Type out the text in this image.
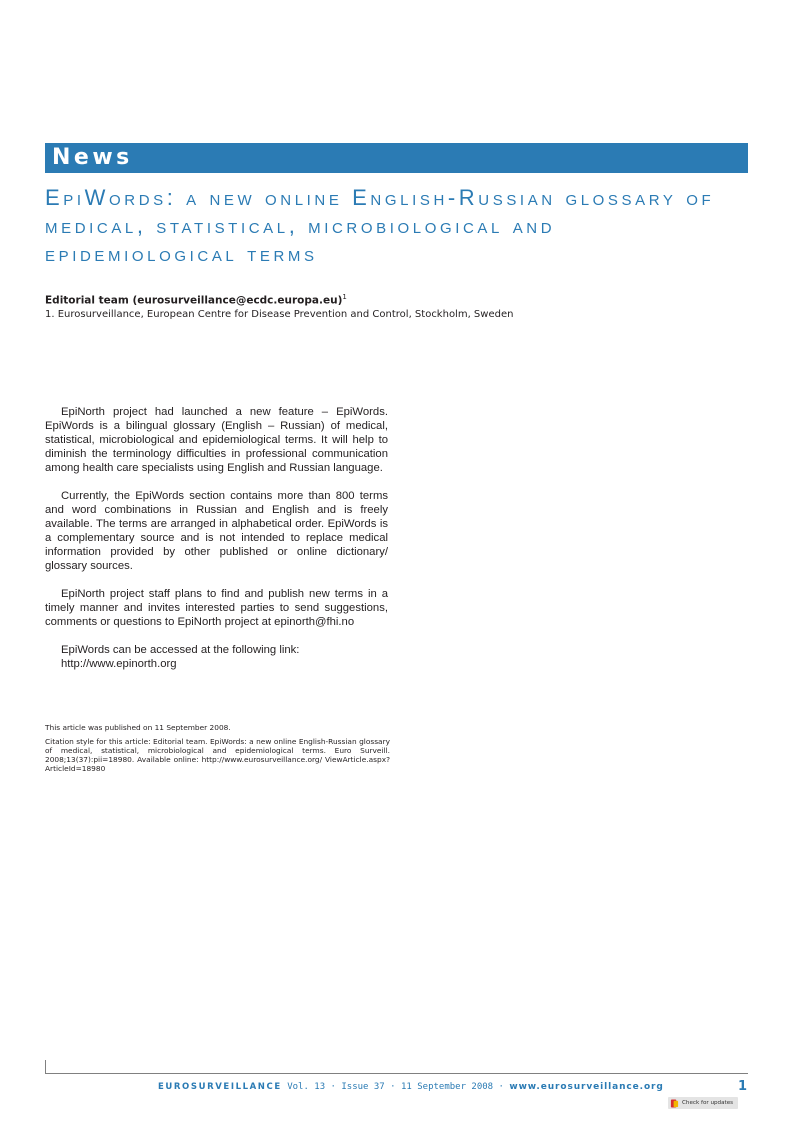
News
EpiWords: a new online English-Russian glossary of medical, statistical, microbiological and epidemiological terms

Editorial team (eurosurveillance@ecdc.europa.eu)$^1$

1. Eurosurveillance, European Centre for Disease Prevention and Control, Stockholm, Sweden

EpiNorth project had launched a new feature – EpiWords. EpiWords is a bilingual glossary (English – Russian) of medical, statistical, microbiological and epidemiological terms. It will help to diminish the terminology difficulties in professional communication among health care specialists using English and Russian language.

Currently, the EpiWords section contains more than 800 terms and word combinations in Russian and English and is freely available. The terms are arranged in alphabetical order. EpiWords is a complementary source and is not intended to replace medical information provided by other published or online dictionary/ glossary sources.

EpiNorth project staff plans to find and publish new terms in a timely manner and invites interested parties to send suggestions, comments or questions to EpiNorth project at epinorth@fhi.no

EpiWords can be accessed at the following link:
http://www.epinorth.org

This article was published on 11 September 2008.

Citation style for this article: Editorial team. EpiWords: a new online English-Russian glossary of medical, statistical, microbiological and epidemiological terms. Euro Surveill. 2008;13(37):pii=18980. Available online: http://www.eurosurveillance.org/ ViewArticle.aspx?ArticleId=18980

EUROSURVEILLANCE Vol. 13 · Issue 37 · 11 September 2008 · www.eurosurveillance.org	1
Check for updates
